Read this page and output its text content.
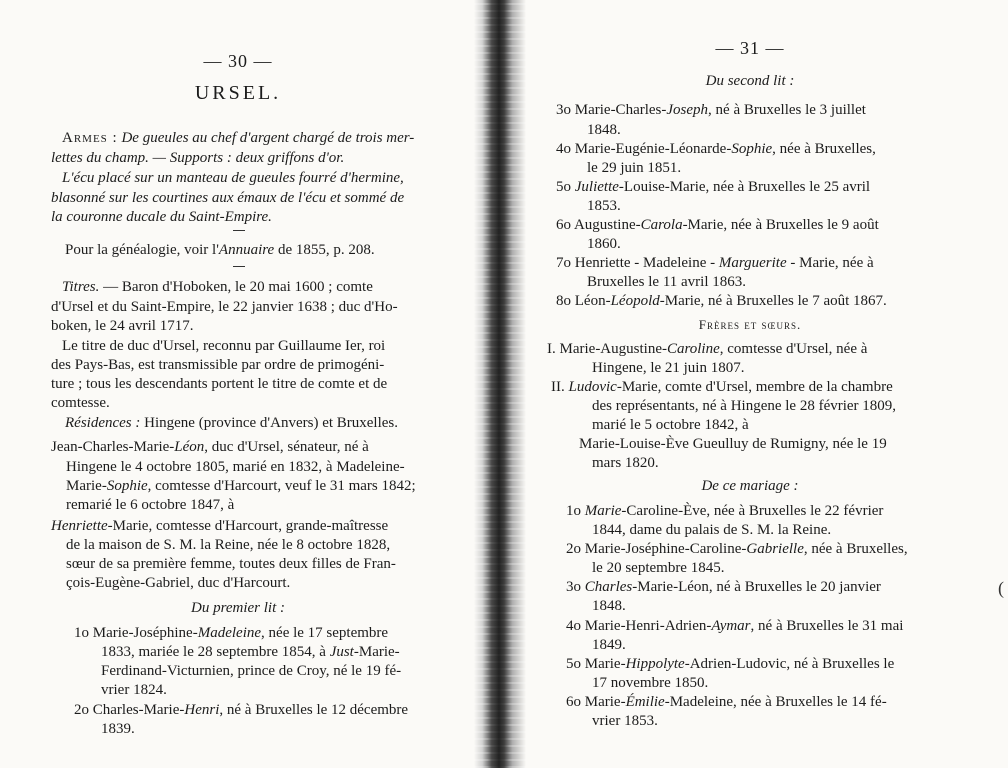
— 30 —
URSEL.
Armes : De gueules au chef d'argent chargé de trois mer-
lettes du champ. — Supports : deux griffons d'or.
L'écu placé sur un manteau de gueules fourré d'hermine,
blasonné sur les courtines aux émaux de l'écu et sommé de
la couronne ducale du Saint-Empire.
Pour la généalogie, voir l'Annuaire de 1855, p. 208.
Titres. — Baron d'Hoboken, le 20 mai 1600 ; comte
d'Ursel et du Saint-Empire, le 22 janvier 1638 ; duc d'Ho-
boken, le 24 avril 1717.
Le titre de duc d'Ursel, reconnu par Guillaume Ier, roi
des Pays-Bas, est transmissible par ordre de primogéni-
ture ; tous les descendants portent le titre de comte et de
comtesse.
Résidences : Hingene (province d'Anvers) et Bruxelles.
Jean-Charles-Marie-Léon, duc d'Ursel, sénateur, né à
Hingene le 4 octobre 1805, marié en 1832, à Madeleine-
Marie-Sophie, comtesse d'Harcourt, veuf le 31 mars 1842;
remarié le 6 octobre 1847, à
Henriette-Marie, comtesse d'Harcourt, grande-maîtresse
de la maison de S. M. la Reine, née le 8 octobre 1828,
sœur de sa première femme, toutes deux filles de Fran-
çois-Eugène-Gabriel, duc d'Harcourt.
Du premier lit :
1o Marie-Joséphine-Madeleine, née le 17 septembre
1833, mariée le 28 septembre 1854, à Just-Marie-
Ferdinand-Victurnien, prince de Croy, né le 19 fé-
vrier 1824.
2o Charles-Marie-Henri, né à Bruxelles le 12 décembre
1839.
— 31 —
Du second lit :
3o Marie-Charles-Joseph, né à Bruxelles le 3 juillet
1848.
4o Marie-Eugénie-Léonarde-Sophie, née à Bruxelles,
le 29 juin 1851.
5o Juliette-Louise-Marie, née à Bruxelles le 25 avril
1853.
6o Augustine-Carola-Marie, née à Bruxelles le 9 août
1860.
7o Henriette - Madeleine - Marguerite - Marie, née à
Bruxelles le 11 avril 1863.
8o Léon-Léopold-Marie, né à Bruxelles le 7 août 1867.
Frères et sœurs.
I. Marie-Augustine-Caroline, comtesse d'Ursel, née à
Hingene, le 21 juin 1807.
II. Ludovic-Marie, comte d'Ursel, membre de la chambre
des représentants, né à Hingene le 28 février 1809,
marié le 5 octobre 1842, à
Marie-Louise-Ève Gueulluy de Rumigny, née le 19
mars 1820.
De ce mariage :
1o Marie-Caroline-Ève, née à Bruxelles le 22 février
1844, dame du palais de S. M. la Reine.
2o Marie-Joséphine-Caroline-Gabrielle, née à Bruxelles,
le 20 septembre 1845.
3o Charles-Marie-Léon, né à Bruxelles le 20 janvier
1848.
4o Marie-Henri-Adrien-Aymar, né à Bruxelles le 31 mai
1849.
5o Marie-Hippolyte-Adrien-Ludovic, né à Bruxelles le
17 novembre 1850.
6o Marie-Émilie-Madeleine, née à Bruxelles le 14 fé-
vrier 1853.
(
